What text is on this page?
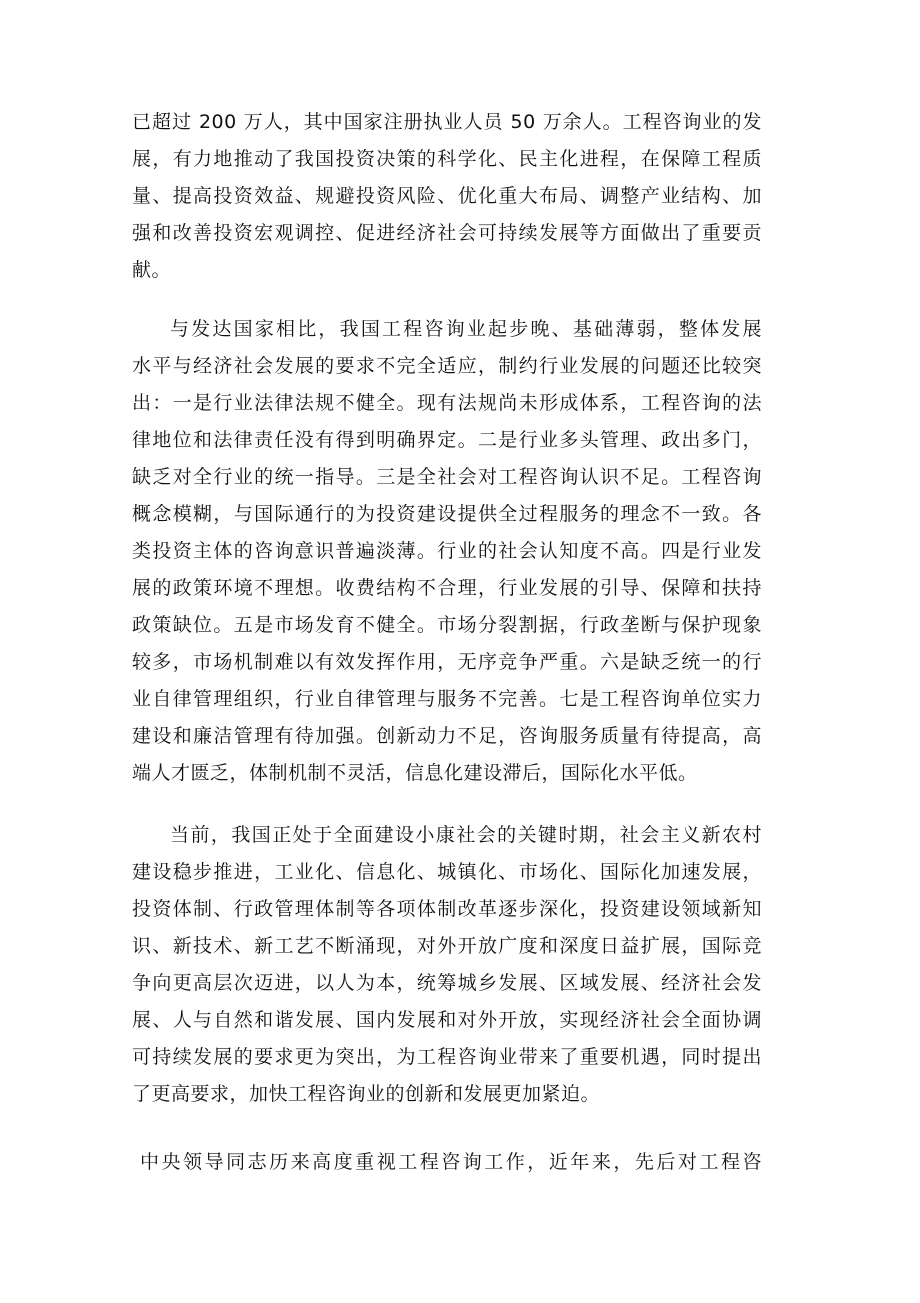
已超过 200 万人，其中国家注册执业人员 50 万余人。工程咨询业的发
展，有力地推动了我国投资决策的科学化、民主化进程，在保障工程质
量、提高投资效益、规避投资风险、优化重大布局、调整产业结构、加
强和改善投资宏观调控、促进经济社会可持续发展等方面做出了重要贡
献。
与发达国家相比，我国工程咨询业起步晚、基础薄弱，整体发展
水平与经济社会发展的要求不完全适应，制约行业发展的问题还比较突
出：一是行业法律法规不健全。现有法规尚未形成体系，工程咨询的法
律地位和法律责任没有得到明确界定。二是行业多头管理、政出多门，
缺乏对全行业的统一指导。三是全社会对工程咨询认识不足。工程咨询
概念模糊，与国际通行的为投资建设提供全过程服务的理念不一致。各
类投资主体的咨询意识普遍淡薄。行业的社会认知度不高。四是行业发
展的政策环境不理想。收费结构不合理，行业发展的引导、保障和扶持
政策缺位。五是市场发育不健全。市场分裂割据，行政垄断与保护现象
较多，市场机制难以有效发挥作用，无序竞争严重。六是缺乏统一的行
业自律管理组织，行业自律管理与服务不完善。七是工程咨询单位实力
建设和廉洁管理有待加强。创新动力不足，咨询服务质量有待提高，高
端人才匮乏，体制机制不灵活，信息化建设滞后，国际化水平低。
当前，我国正处于全面建设小康社会的关键时期，社会主义新农村
建设稳步推进，工业化、信息化、城镇化、市场化、国际化加速发展，
投资体制、行政管理体制等各项体制改革逐步深化，投资建设领域新知
识、新技术、新工艺不断涌现，对外开放广度和深度日益扩展，国际竞
争向更高层次迈进，以人为本，统筹城乡发展、区域发展、经济社会发
展、人与自然和谐发展、国内发展和对外开放，实现经济社会全面协调
可持续发展的要求更为突出，为工程咨询业带来了重要机遇，同时提出
了更高要求，加快工程咨询业的创新和发展更加紧迫。
中央领导同志历来高度重视工程咨询工作，近年来，先后对工程咨
